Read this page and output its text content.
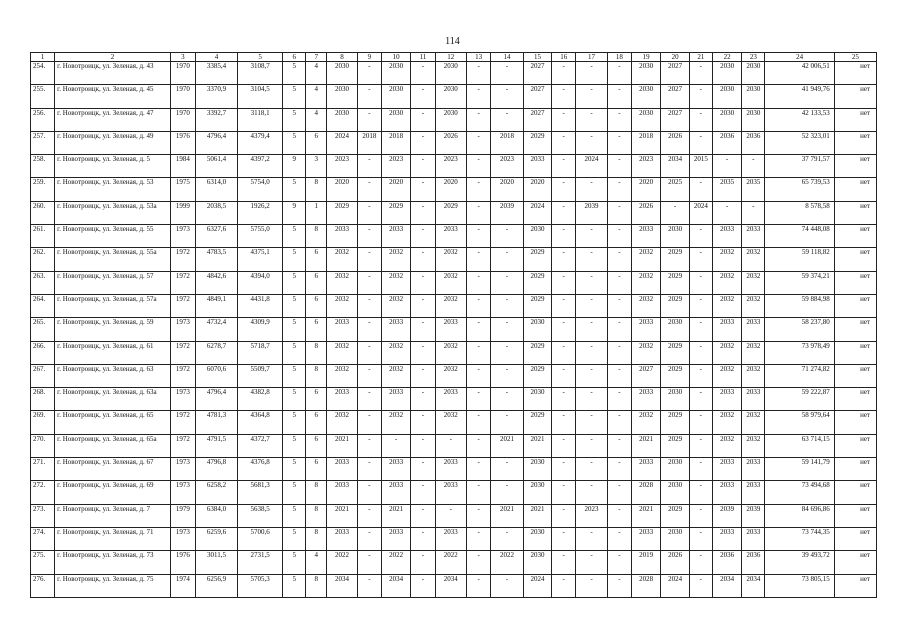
114
1	2	3	4	5	6	7	8	9	10	11	12	13	14	15	16	17	18	19	20	21	22	23	24	25
254.	г. Новотроицк, ул. Зеленая, д. 43	1970	3385,4	3108,7	5	4	2030	-	2030	-	2030	-	-	2027	-	-	-	2030	2027	-	2030	2030	42 006,51	нет
255.	г. Новотроицк, ул. Зеленая, д. 45	1970	3370,9	3104,5	5	4	2030	-	2030	-	2030	-	-	2027	-	-	-	2030	2027	-	2030	2030	41 949,76	нет
256.	г. Новотроицк, ул. Зеленая, д. 47	1970	3392,7	3118,1	5	4	2030	-	2030	-	2030	-	-	2027	-	-	-	2030	2027	-	2030	2030	42 133,53	нет
257.	г. Новотроицк, ул. Зеленая, д. 49	1976	4796,4	4379,4	5	6	2024	2018	2018	-	2026	-	2018	2029	-	-	-	2018	2026	-	2036	2036	52 323,01	нет
258.	г. Новотроицк, ул. Зеленая, д. 5	1984	5061,4	4397,2	9	3	2023	-	2023	-	2023	-	2023	2033	-	2024	-	2023	2034	2015	-	-	37 791,57	нет
259.	г. Новотроицк, ул. Зеленая, д. 53	1975	6314,0	5754,0	5	8	2020	-	2020	-	2020	-	2020	2020	-	-	-	2020	2025	-	2035	2035	65 739,53	нет
260.	г. Новотроицк, ул. Зеленая, д. 53а	1999	2038,5	1926,2	9	1	2029	-	2029	-	2029	-	2039	2024	-	2039	-	2026	-	2024	-	-	8 578,58	нет
261.	г. Новотроицк, ул. Зеленая, д. 55	1973	6327,6	5755,0	5	8	2033	-	2033	-	2033	-	-	2030	-	-	-	2033	2030	-	2033	2033	74 448,08	нет
262.	г. Новотроицк, ул. Зеленая, д. 55а	1972	4783,5	4375,1	5	6	2032	-	2032	-	2032	-	-	2029	-	-	-	2032	2029	-	2032	2032	59 118,82	нет
263.	г. Новотроицк, ул. Зеленая, д. 57	1972	4842,6	4394,0	5	6	2032	-	2032	-	2032	-	-	2029	-	-	-	2032	2029	-	2032	2032	59 374,21	нет
264.	г. Новотроицк, ул. Зеленая, д. 57а	1972	4849,1	4431,8	5	6	2032	-	2032	-	2032	-	-	2029	-	-	-	2032	2029	-	2032	2032	59 884,98	нет
265.	г. Новотроицк, ул. Зеленая, д. 59	1973	4732,4	4309,9	5	6	2033	-	2033	-	2033	-	-	2030	-	-	-	2033	2030	-	2033	2033	58 237,80	нет
266.	г. Новотроицк, ул. Зеленая, д. 61	1972	6278,7	5718,7	5	8	2032	-	2032	-	2032	-	-	2029	-	-	-	2032	2029	-	2032	2032	73 978,49	нет
267.	г. Новотроицк, ул. Зеленая, д. 63	1972	6070,6	5509,7	5	8	2032	-	2032	-	2032	-	-	2029	-	-	-	2027	2029	-	2032	2032	71 274,82	нет
268.	г. Новотроицк, ул. Зеленая, д. 63а	1973	4796,4	4382,8	5	6	2033	-	2033	-	2033	-	-	2030	-	-	-	2033	2030	-	2033	2033	59 222,87	нет
269.	г. Новотроицк, ул. Зеленая, д. 65	1972	4781,3	4364,8	5	6	2032	-	2032	-	2032	-	-	2029	-	-	-	2032	2029	-	2032	2032	58 979,64	нет
270.	г. Новотроицк, ул. Зеленая, д. 65а	1972	4791,5	4372,7	5	6	2021	-	-	-	-	-	2021	2021	-	-	-	2021	2029	-	2032	2032	63 714,15	нет
271.	г. Новотроицк, ул. Зеленая, д. 67	1973	4796,8	4376,8	5	6	2033	-	2033	-	2033	-	-	2030	-	-	-	2033	2030	-	2033	2033	59 141,79	нет
272.	г. Новотроицк, ул. Зеленая, д. 69	1973	6258,2	5681,3	5	8	2033	-	2033	-	2033	-	-	2030	-	-	-	2028	2030	-	2033	2033	73 494,68	нет
273.	г. Новотроицк, ул. Зеленая, д. 7	1979	6384,0	5638,5	5	8	2021	-	2021	-	-	-	2021	2021	-	2023	-	2021	2029	-	2039	2039	84 696,86	нет
274.	г. Новотроицк, ул. Зеленая, д. 71	1973	6259,6	5700,6	5	8	2033	-	2033	-	2033	-	-	2030	-	-	-	2033	2030	-	2033	2033	73 744,35	нет
275.	г. Новотроицк, ул. Зеленая, д. 73	1976	3011,5	2731,5	5	4	2022	-	2022	-	2022	-	2022	2030	-	-	-	2019	2026	-	2036	2036	39 493,72	нет
276.	г. Новотроицк, ул. Зеленая, д. 75	1974	6256,9	5705,3	5	8	2034	-	2034	-	2034	-	-	2024	-	-	-	2028	2024	-	2034	2034	73 805,15	нет
